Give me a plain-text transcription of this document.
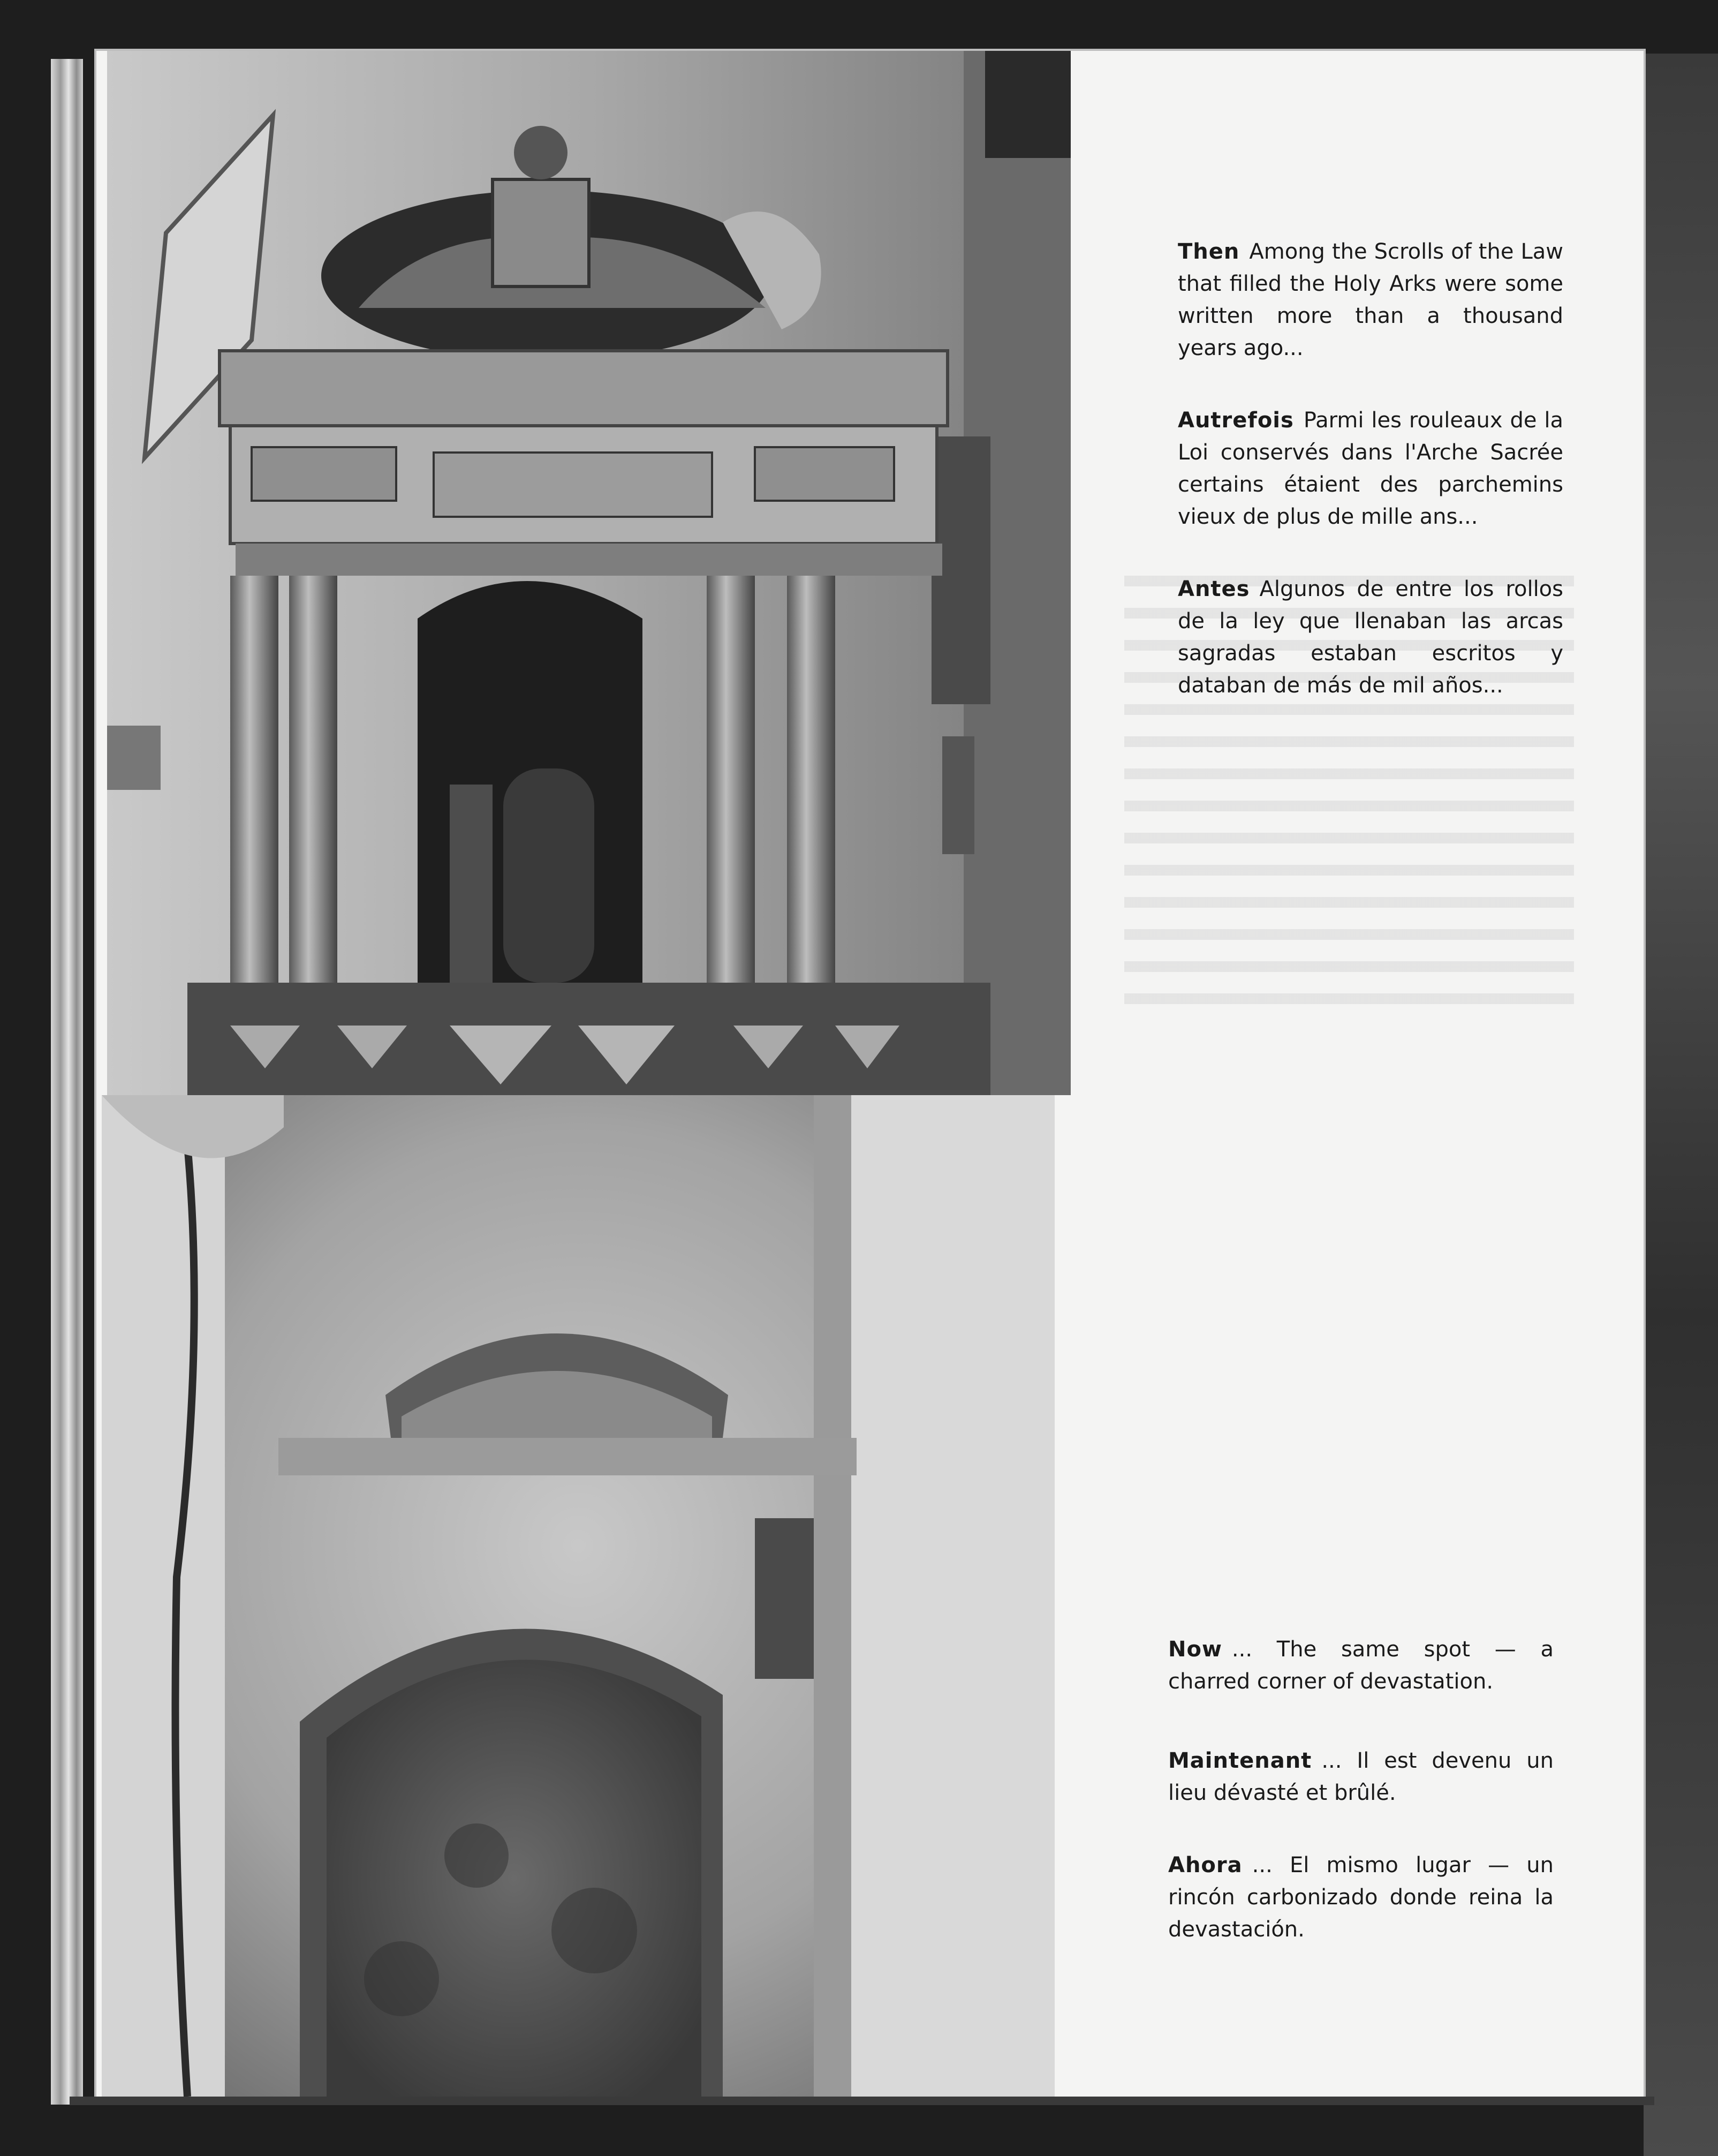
Then Among the Scrolls of the Law that filled the Holy Arks were some written more than a thousand years ago...

Autrefois Parmi les rouleaux de la Loi conservés dans l'Arche Sacrée certains étaient des parchemins vieux de plus de mille ans...

Antes Algunos de entre los rollos de la ley que llenaban las arcas sagradas estaban escritos y databan de más de mil años...

Now ... The same spot — a charred corner of devastation.

Maintenant ... Il est devenu un lieu dévasté et brûlé.

Ahora ... El mismo lugar — un rincón carbonizado donde reina la devastación.
